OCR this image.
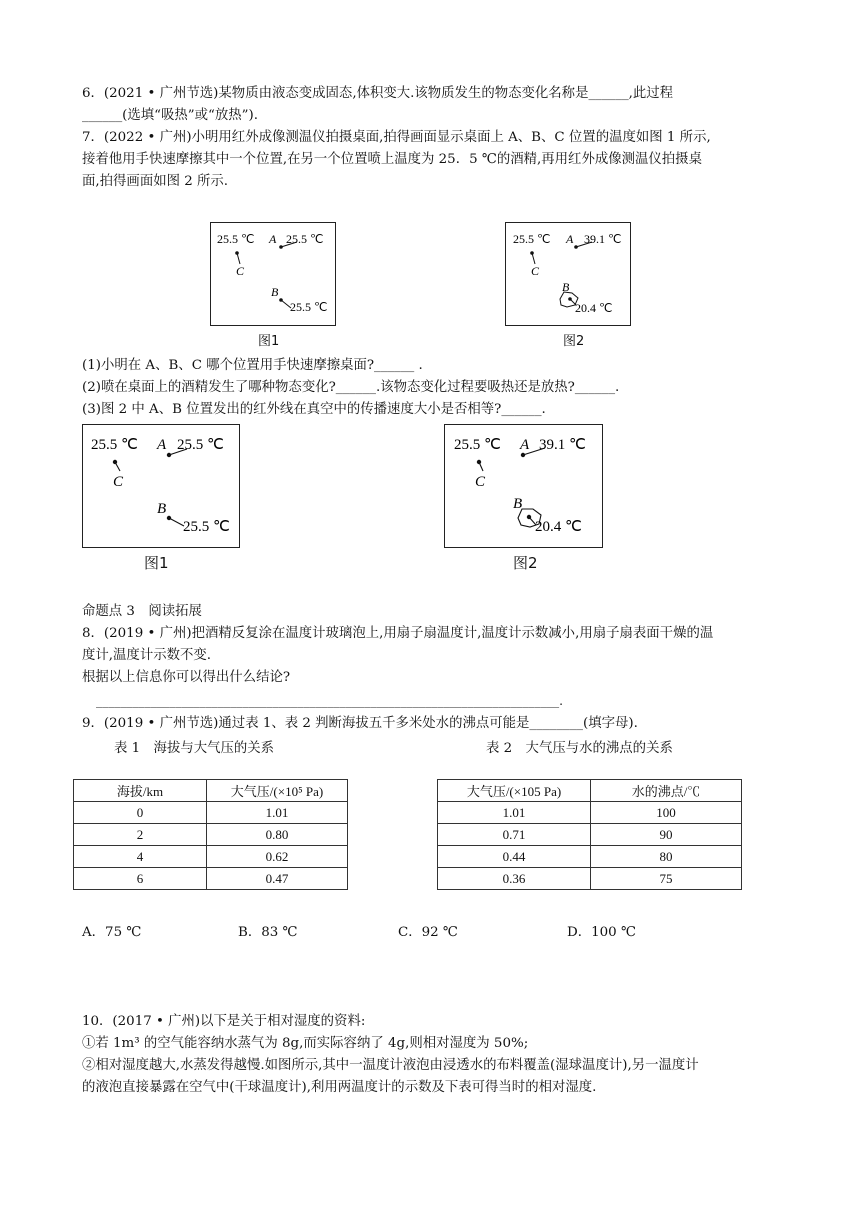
6．(2021 • 广州节选)某物质由液态变成固态,体积变大.该物质发生的物态变化名称是______,此过程
______(选填“吸热”或“放热”).
7．(2022 • 广州)小明用红外成像测温仪拍摄桌面,拍得画面显示桌面上 A、B、C 位置的温度如图 1 所示,
接着他用手快速摩擦其中一个位置,在另一个位置喷上温度为 25．5 ℃的酒精,再用红外成像测温仪拍摄桌
面,拍得画面如图 2 所示.
25.5 ℃
C
A 25.5 ℃
B
25.5 ℃
图1
25.5 ℃
C
A 39.1 ℃
B
20.4 ℃
图2
(1)小明在 A、B、C 哪个位置用手快速摩擦桌面?______ .
(2)喷在桌面上的酒精发生了哪种物态变化?______.该物态变化过程要吸热还是放热?______.
(3)图 2 中 A、B 位置发出的红外线在真空中的传播速度大小是否相等?______.
25.5 ℃
C
A 25.5 ℃
B
25.5 ℃
图1
25.5 ℃
C
A 39.1 ℃
B
20.4 ℃
图2
命题点 3　阅读拓展
8．(2019 • 广州)把酒精反复涂在温度计玻璃泡上,用扇子扇温度计,温度计示数减小,用扇子扇表面干燥的温
度计,温度计示数不变.
根据以上信息你可以得出什么结论?
____________________________________________________________________________.
9．(2019 • 广州节选)通过表 1、表 2 判断海拔五千多米处水的沸点可能是________(填字母).
表 1　海拔与大气压的关系	表 2　大气压与水的沸点的关系
海拔/km	大气压/(×10⁵ Pa)
0	1.01
2	0.80
4	0.62
6	0.47
大气压/(×105 Pa)	水的沸点/℃
1.01	100
0.71	90
0.44	80
0.36	75
A．75 ℃	B．83 ℃	C．92 ℃	D．100 ℃
10．(2017 • 广州)以下是关于相对湿度的资料:
①若 1m³ 的空气能容纳水蒸气为 8g,而实际容纳了 4g,则相对湿度为 50%;
②相对湿度越大,水蒸发得越慢.如图所示,其中一温度计液泡由浸透水的布料覆盖(湿球温度计),另一温度计
的液泡直接暴露在空气中(干球温度计),利用两温度计的示数及下表可得当时的相对湿度.
